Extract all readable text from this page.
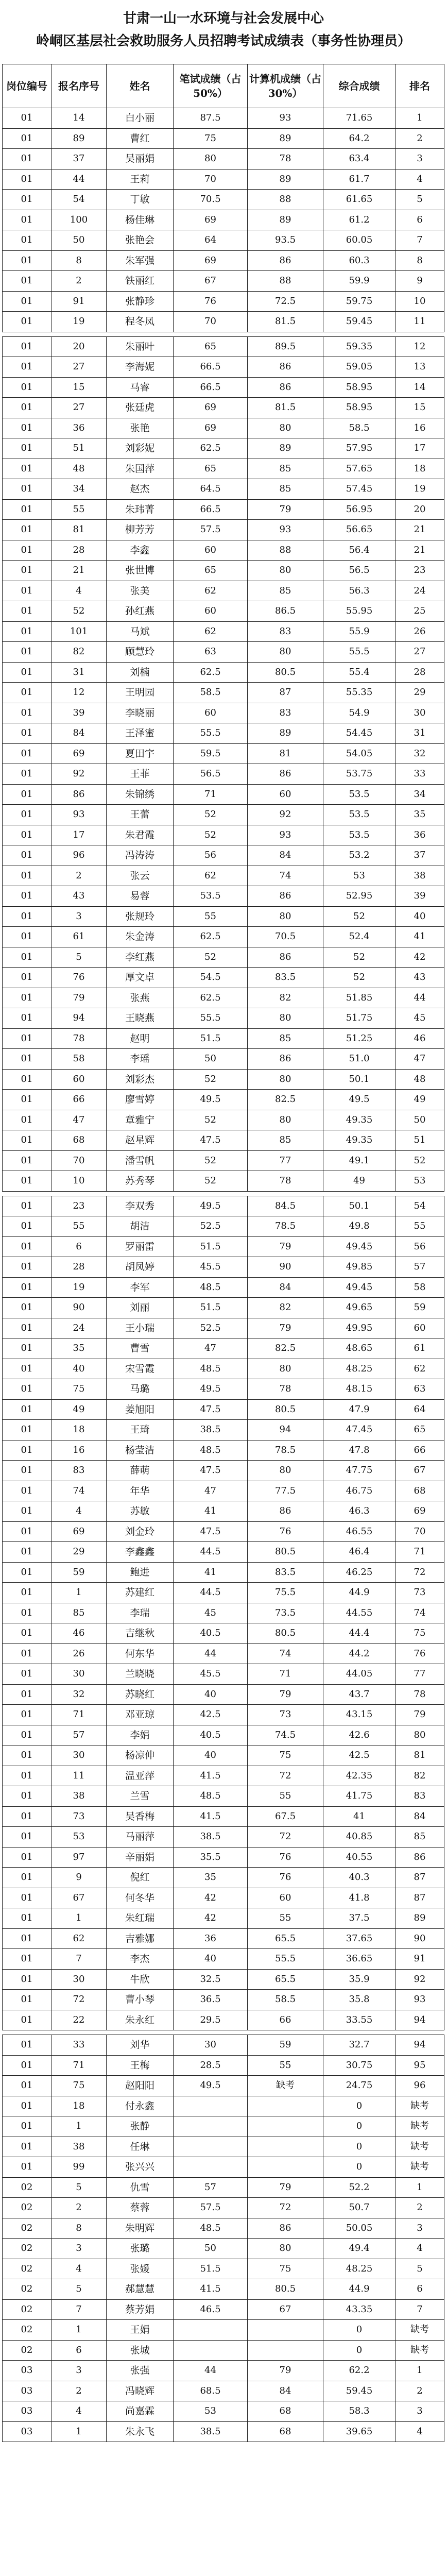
甘肃一山一水环境与社会发展中心
岭峒区基层社会救助服务人员招聘考试成绩表（事务性协理员）
岗位编号	报名序号	姓名	笔试成绩（占50%）	计算机成绩（占30%）	综合成绩	排名
01	14	白小丽	87.5	93	71.65	1
01	89	曹红	75	89	64.2	2
01	37	吴丽娟	80	78	63.4	3
01	44	王莉	70	89	61.7	4
01	54	丁敏	70.5	88	61.65	5
01	100	杨佳琳	69	89	61.2	6
01	50	张艳会	64	93.5	60.05	7
01	8	朱军强	69	86	60.3	8
01	2	铁丽红	67	88	59.9	9
01	91	张静珍	76	72.5	59.75	10
01	19	程冬凤	70	81.5	59.45	11

01	20	朱丽叶	65	89.5	59.35	12
01	27	李海妮	66.5	86	59.05	13
01	15	马睿	66.5	86	58.95	14
01	27	张廷虎	69	81.5	58.95	15
01	36	张艳	69	80	58.5	16
01	51	刘彩妮	62.5	89	57.95	17
01	48	朱国萍	65	85	57.65	18
01	34	赵杰	64.5	85	57.45	19
01	55	朱玮菁	66.5	79	56.95	20
01	81	柳芳芳	57.5	93	56.65	21
01	28	李鑫	60	88	56.4	21
01	21	张世博	65	80	56.5	23
01	4	张美	62	85	56.3	24
01	52	孙红燕	60	86.5	55.95	25
01	101	马斌	62	83	55.9	26
01	82	顾慧玲	63	80	55.5	27
01	31	刘楠	62.5	80.5	55.4	28
01	12	王明园	58.5	87	55.35	29
01	39	李晓丽	60	83	54.9	30
01	84	王泽蜜	55.5	89	54.45	31
01	69	夏田宇	59.5	81	54.05	32
01	92	王菲	56.5	86	53.75	33
01	86	朱锦绣	71	60	53.5	34
01	93	王蕾	52	92	53.5	35
01	17	朱君霞	52	93	53.5	36
01	96	冯涛涛	56	84	53.2	37
01	2	张云	62	74	53	38
01	43	易蓉	53.5	86	52.95	39
01	3	张规玲	55	80	52	40
01	61	朱金涛	62.5	70.5	52.4	41
01	5	李红燕	52	86	52	42
01	76	厚文卓	54.5	83.5	52	43
01	79	张燕	62.5	82	51.85	44
01	94	王晓燕	55.5	80	51.75	45
01	78	赵明	51.5	85	51.25	46
01	58	李瑶	50	86	51.0	47
01	60	刘彩杰	52	80	50.1	48
01	66	廖雪婷	49.5	82.5	49.5	49
01	47	章雅宁	52	80	49.35	50
01	68	赵星辉	47.5	85	49.35	51
01	70	潘雪帆	52	77	49.1	52
01	10	苏秀琴	52	78	49	53

01	23	李双秀	49.5	84.5	50.1	54
01	55	胡洁	52.5	78.5	49.8	55
01	6	罗丽雷	51.5	79	49.45	56
01	28	胡凤婷	45.5	90	49.85	57
01	19	李军	48.5	84	49.45	58
01	90	刘丽	51.5	82	49.65	59
01	24	王小瑞	52.5	79	49.95	60
01	35	曹雪	47	82.5	48.65	61
01	40	宋雪霞	48.5	80	48.25	62
01	75	马璐	49.5	78	48.15	63
01	49	姜旭阳	47.5	80.5	47.9	64
01	18	王琦	38.5	94	47.45	65
01	16	杨莹洁	48.5	78.5	47.8	66
01	83	薛萌	47.5	80	47.75	67
01	74	年华	47	77.5	46.75	68
01	4	苏敏	41	86	46.3	69
01	69	刘金玲	47.5	76	46.55	70
01	29	李鑫鑫	44.5	80.5	46.4	71
01	59	鲍进	41	83.5	46.25	72
01	1	苏建红	44.5	75.5	44.9	73
01	85	李瑞	45	73.5	44.55	74
01	46	吉继秋	40.5	80.5	44.4	75
01	26	何东华	44	74	44.2	76
01	30	兰晓晓	45.5	71	44.05	77
01	32	苏晓红	40	79	43.7	78
01	71	邓亚琼	42.5	73	43.15	79
01	57	李娟	40.5	74.5	42.6	80
01	30	杨凉伸	40	75	42.5	81
01	11	温亚萍	41.5	72	42.35	82
01	38	兰雪	48.5	55	41.75	83
01	73	吴香梅	41.5	67.5	41	84
01	53	马丽萍	38.5	72	40.85	85
01	97	辛丽娟	35.5	76	40.55	86
01	9	倪红	35	76	40.3	87
01	67	何冬华	42	60	41.8	87
01	1	朱红瑞	42	55	37.5	89
01	62	吉雅娜	36	65.5	37.65	90
01	7	李杰	40	55.5	36.65	91
01	30	牛欣	32.5	65.5	35.9	92
01	72	曹小琴	36.5	58.5	35.8	93
01	22	朱永红	29.5	66	33.55	94

01	33	刘华	30	59	32.7	94
01	71	王梅	28.5	55	30.75	95
01	75	赵阳阳	49.5	缺考	24.75	96
01	18	付永鑫			0	缺考
01	1	张静			0	缺考
01	38	任琳			0	缺考
01	99	张兴兴			0	缺考
02	5	仇雪	57	79	52.2	1
02	2	蔡蓉	57.5	72	50.7	2
02	8	朱明辉	48.5	86	50.05	3
02	3	张璐	50	80	49.4	4
02	4	张媛	51.5	75	48.25	5
02	5	郝慧慧	41.5	80.5	44.9	6
02	7	蔡芳娟	46.5	67	43.35	7
02	1	王娟			0	缺考
02	6	张城			0	缺考
03	3	张强	44	79	62.2	1
03	2	冯晓辉	68.5	84	59.45	2
03	4	尚嘉霖	53	68	58.3	3
03	1	朱永飞	38.5	68	39.65	4
